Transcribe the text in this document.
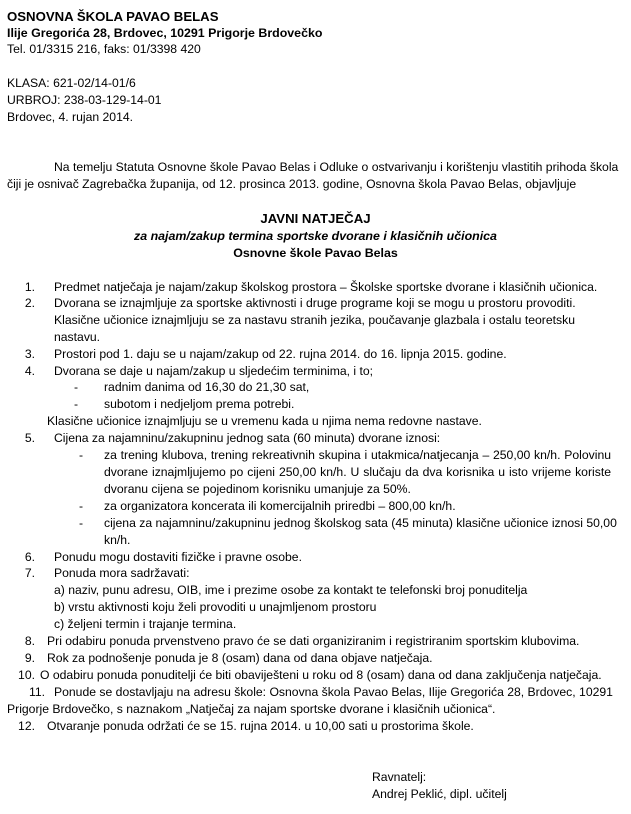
OSNOVNA ŠKOLA PAVAO BELAS
Ilije Gregorića 28, Brdovec, 10291 Prigorje Brdovečko
Tel. 01/3315 216, faks: 01/3398 420
KLASA: 621-02/14-01/6
URBROJ: 238-03-129-14-01
Brdovec, 4. rujan 2014.
Na temelju Statuta Osnovne škole Pavao Belas i Odluke o ostvarivanju i korištenju vlastitih prihoda škola
čiji je osnivač Zagrebačka županija, od 12. prosinca 2013. godine, Osnovna škola Pavao Belas, objavljuje
JAVNI NATJEČAJ
za najam/zakup termina sportske dvorane i klasičnih učionica
Osnovne škole Pavao Belas
1. Predmet natječaja je najam/zakup školskog prostora – Školske sportske dvorane i klasičnih učionica.
2. Dvorana se iznajmljuje za sportske aktivnosti i druge programe koji se mogu u prostoru provoditi.
Klasične učionice iznajmljuju se za nastavu stranih jezika, poučavanje glazbala i ostalu teoretsku
nastavu.
3. Prostori pod 1. daju se u najam/zakup od 22. rujna 2014. do 16. lipnja 2015. godine.
4. Dvorana se daje u najam/zakup u sljedećim terminima, i to;
- radnim danima od 16,30 do 21,30 sat,
- subotom i nedjeljom prema potrebi.
Klasične učionice iznajmljuju se u vremenu kada u njima nema redovne nastave.
5. Cijena za najamninu/zakupninu jednog sata (60 minuta) dvorane iznosi:
- za trening klubova, trening rekreativnih skupina i utakmica/natjecanja – 250,00 kn/h. Polovinu
dvorane iznajmljujemo po cijeni 250,00 kn/h. U slučaju da dva korisnika u isto vrijeme koriste
dvoranu cijena se pojedinom korisniku umanjuje za 50%.
- za organizatora koncerata ili komercijalnih priredbi – 800,00 kn/h.
- cijena za najamninu/zakupninu jednog školskog sata (45 minuta) klasične učionice iznosi 50,00
kn/h.
6. Ponudu mogu dostaviti fizičke i pravne osobe.
7. Ponuda mora sadržavati:
a) naziv, punu adresu, OIB, ime i prezime osobe za kontakt te telefonski broj ponuditelja
b) vrstu aktivnosti koju želi provoditi u unajmljenom prostoru
c) željeni termin i trajanje termina.
8. Pri odabiru ponuda prvenstveno pravo će se dati organiziranim i registriranim sportskim klubovima.
9. Rok za podnošenje ponuda je 8 (osam) dana od dana objave natječaja.
10. O odabiru ponuda ponuditelji će biti obaviješteni u roku od 8 (osam) dana od dana zaključenja natječaja.
11. Ponude se dostavljaju na adresu škole: Osnovna škola Pavao Belas, Ilije Gregorića 28, Brdovec, 10291
Prigorje Brdovečko, s naznakom „Natječaj za najam sportske dvorane i klasičnih učionica“.
12. Otvaranje ponuda održati će se 15. rujna 2014. u 10,00 sati u prostorima škole.
Ravnatelj:
Andrej Peklić, dipl. učitelj
